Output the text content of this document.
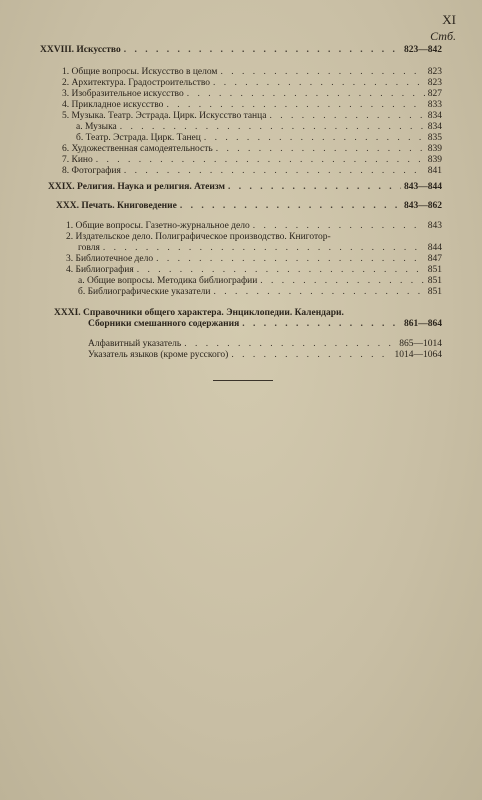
XI
Стб.
XXVIII. Искусство . . .	823—842
1. Общие вопросы. Искусство в целом . . .	823
2. Архитектура. Градостроительство . . .	823
3. Изобразительное искусство . . .	827
4. Прикладное искусство . . .	833
5. Музыка. Театр. Эстрада. Цирк. Искусство танца . . .	834
а. Музыка . . .	834
б. Театр. Эстрада. Цирк. Танец . . .	835
6. Художественная самодеятельность . . .	839
7. Кино . . .	839
8. Фотография . . .	841
XXIX. Религия. Наука и религия. Атеизм . . .	843—844
XXX. Печать. Книговедение . . .	843—862
1. Общие вопросы. Газетно-журнальное дело . . .	843
2. Издательское дело. Полиграфическое производство. Книготор-
говля . . .	844
3. Библиотечное дело . . .	847
4. Библиография . . .	851
а. Общие вопросы. Методика библиографии . . .	851
б. Библиографические указатели . . .	851
XXXI. Справочники общего характера. Энциклопедии. Календари.
Сборники смешанного содержания . . .	861—864
Алфавитный указатель . . .	865—1014
Указатель языков (кроме русского) . . .	1014—1064
